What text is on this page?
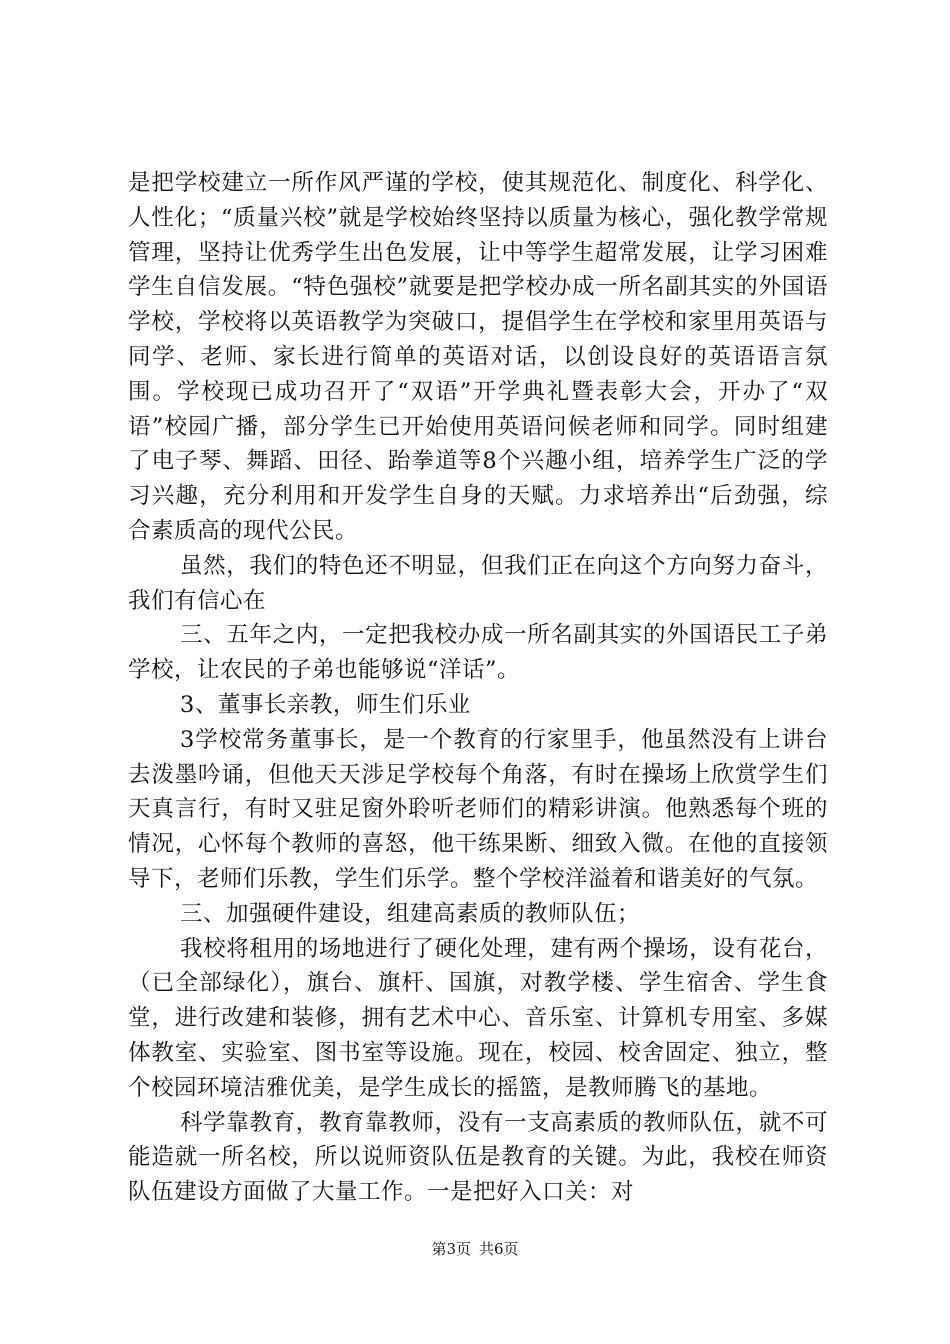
是把学校建立一所作风严谨的学校，使其规范化、制度化、科学化、人性化；“质量兴校”就是学校始终坚持以质量为核心，强化教学常规管理，坚持让优秀学生出色发展，让中等学生超常发展，让学习困难学生自信发展。“特色强校”就要是把学校办成一所名副其实的外国语学校，学校将以英语教学为突破口，提倡学生在学校和家里用英语与同学、老师、家长进行简单的英语对话，以创设良好的英语语言氛围。学校现已成功召开了“双语”开学典礼暨表彰大会，开办了“双语”校园广播，部分学生已开始使用英语问候老师和同学。同时组建了电子琴、舞蹈、田径、跆拳道等8个兴趣小组，培养学生广泛的学习兴趣，充分利用和开发学生自身的天赋。力求培养出“后劲强，综合素质高的现代公民。

虽然，我们的特色还不明显，但我们正在向这个方向努力奋斗，我们有信心在

三、五年之内，一定把我校办成一所名副其实的外国语民工子弟学校，让农民的子弟也能够说“洋话”。

3、董事长亲教，师生们乐业

3学校常务董事长，是一个教育的行家里手，他虽然没有上讲台去泼墨吟诵，但他天天涉足学校每个角落，有时在操场上欣赏学生们天真言行，有时又驻足窗外聆听老师们的精彩讲演。他熟悉每个班的情况，心怀每个教师的喜怒，他干练果断、细致入微。在他的直接领导下，老师们乐教，学生们乐学。整个学校洋溢着和谐美好的气氛。

三、加强硬件建设，组建高素质的教师队伍；

我校将租用的场地进行了硬化处理，建有两个操场，设有花台，（已全部绿化），旗台、旗杆、国旗，对教学楼、学生宿舍、学生食堂，进行改建和装修，拥有艺术中心、音乐室、计算机专用室、多媒体教室、实验室、图书室等设施。现在，校园、校舍固定、独立，整个校园环境洁雅优美，是学生成长的摇篮，是教师腾飞的基地。

科学靠教育，教育靠教师，没有一支高素质的教师队伍，就不可能造就一所名校，所以说师资队伍是教育的关键。为此，我校在师资队伍建设方面做了大量工作。一是把好入口关：对

第3页 共6页
